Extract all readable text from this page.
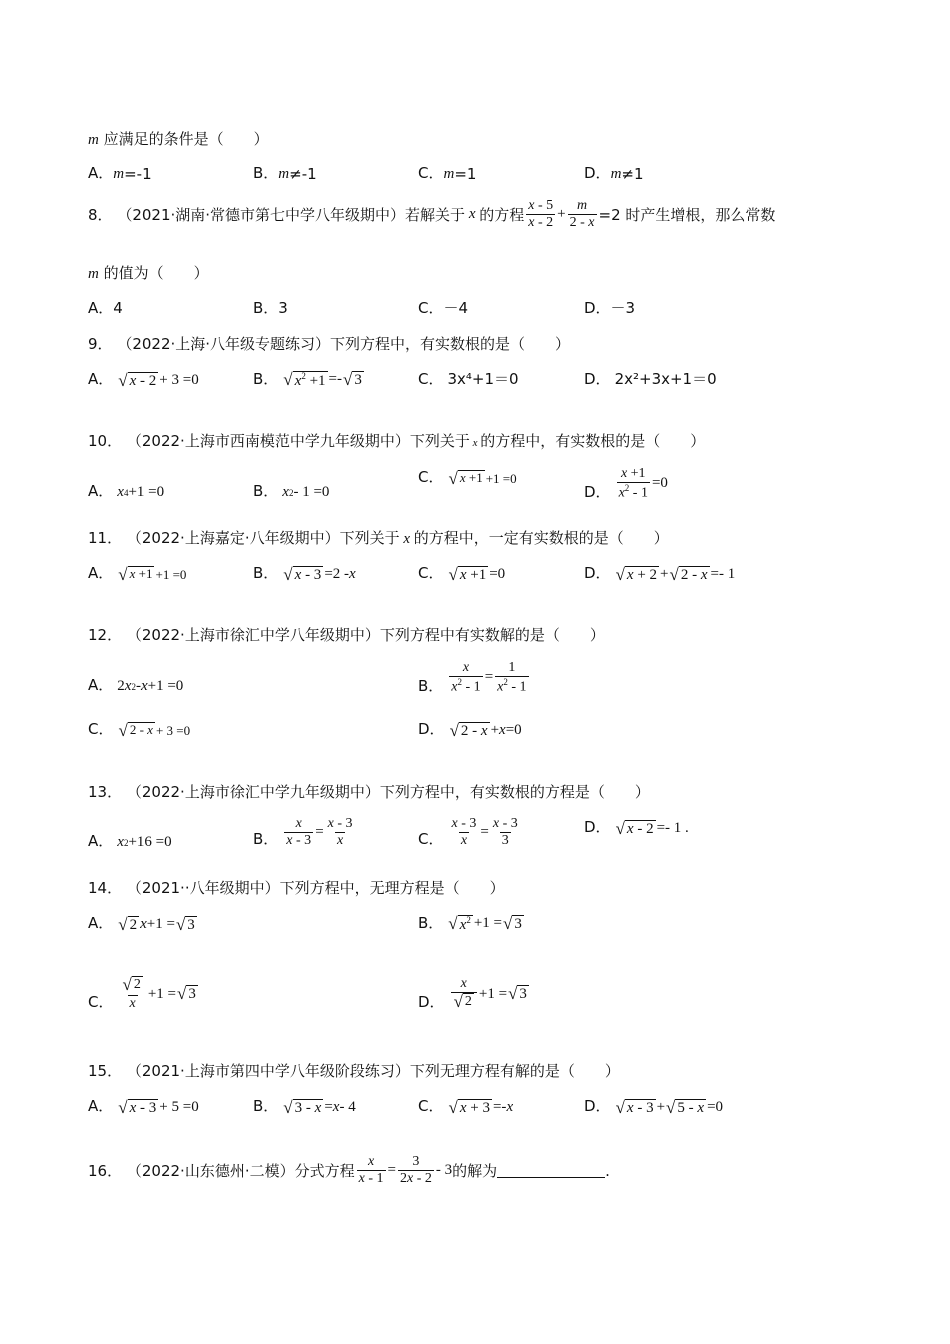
m 应满足的条件是（　　）
A． m =-1	B． m ≠-1	C． m =1	D． m ≠1
8．
（2021·湖南·常德市第七中学八年级期中） 若解关于 x 的方程 $\frac{x - 5}{x - 2} + \frac{m}{2 - x} =2$ 时产生增根，那么常数
m 的值为（　　）
A．4	B．3	C．－4	D．－3
9． （2022·上海·八年级专题练习）下列方程中，有实数根的是（　　）
A． √ x - 2 + 3 =0	B． √ $x^2 +1$ =- √ 3	C． 3x⁴+1＝0	D． 2x²+3x+1＝0
10． （2022·上海市西南模范中学九年级期中）下列关于 x 的方程中，有实数根的是（　　）
A． x 4 +1 =0	B． x 2 - 1 =0
C． √ x +1 +1 =0
D． $\frac{x +1}{x^2 - 1} =0$
11． （2022·上海嘉定·八年级期中）下列关于 x 的方程中，一定有实数根的是（　　）
A． √ x +1 +1 =0	B． √ x - 3 =2 - x	C． √ x +1 =0	D． √ x + 2 + √ 2 - x =- 1
12． （2022·上海市徐汇中学八年级期中）下列方程中有实数解的是（　　）
A． 2 x 2 - x +1 =0	B． $\frac{x}{x^2 - 1} = \frac{1}{x^2 - 1}$
C． √ 2 - x + 3 =0	D． √ 2 - x + x =0
13． （2022·上海市徐汇中学九年级期中）下列方程中，有实数根的方程是（　　）
A． x 2 +16 =0	B． $\frac{x}{x - 3} = \frac{x - 3}{x}$	C． $\frac{x - 3}{x} = \frac{x - 3}{3}$	D． √ x - 2 =- 1 .
14． （2021··八年级期中）下列方程中，无理方程是（　　）
A． √ 2 x +1 = √ 3	B． √ $x^2 +1$ = √ 3
C． $\frac{√ 2}{x} +1$ = √ 3	D． $\frac{x}{√ 2} +1$ = √ 3
15． （2021·上海市第四中学八年级阶段练习）下列无理方程有解的是（　　）
A． √ x - 3 + 5 =0	B． √ 3 - x = x - 4	C． √ x + 3 =- x	D． √ x - 3 + √ 5 - x =0
16．
（2022·山东德州·二模） 分式方程 $\frac{x}{x - 1} = \frac{3}{2x - 2} - 3$ 的解为	.
